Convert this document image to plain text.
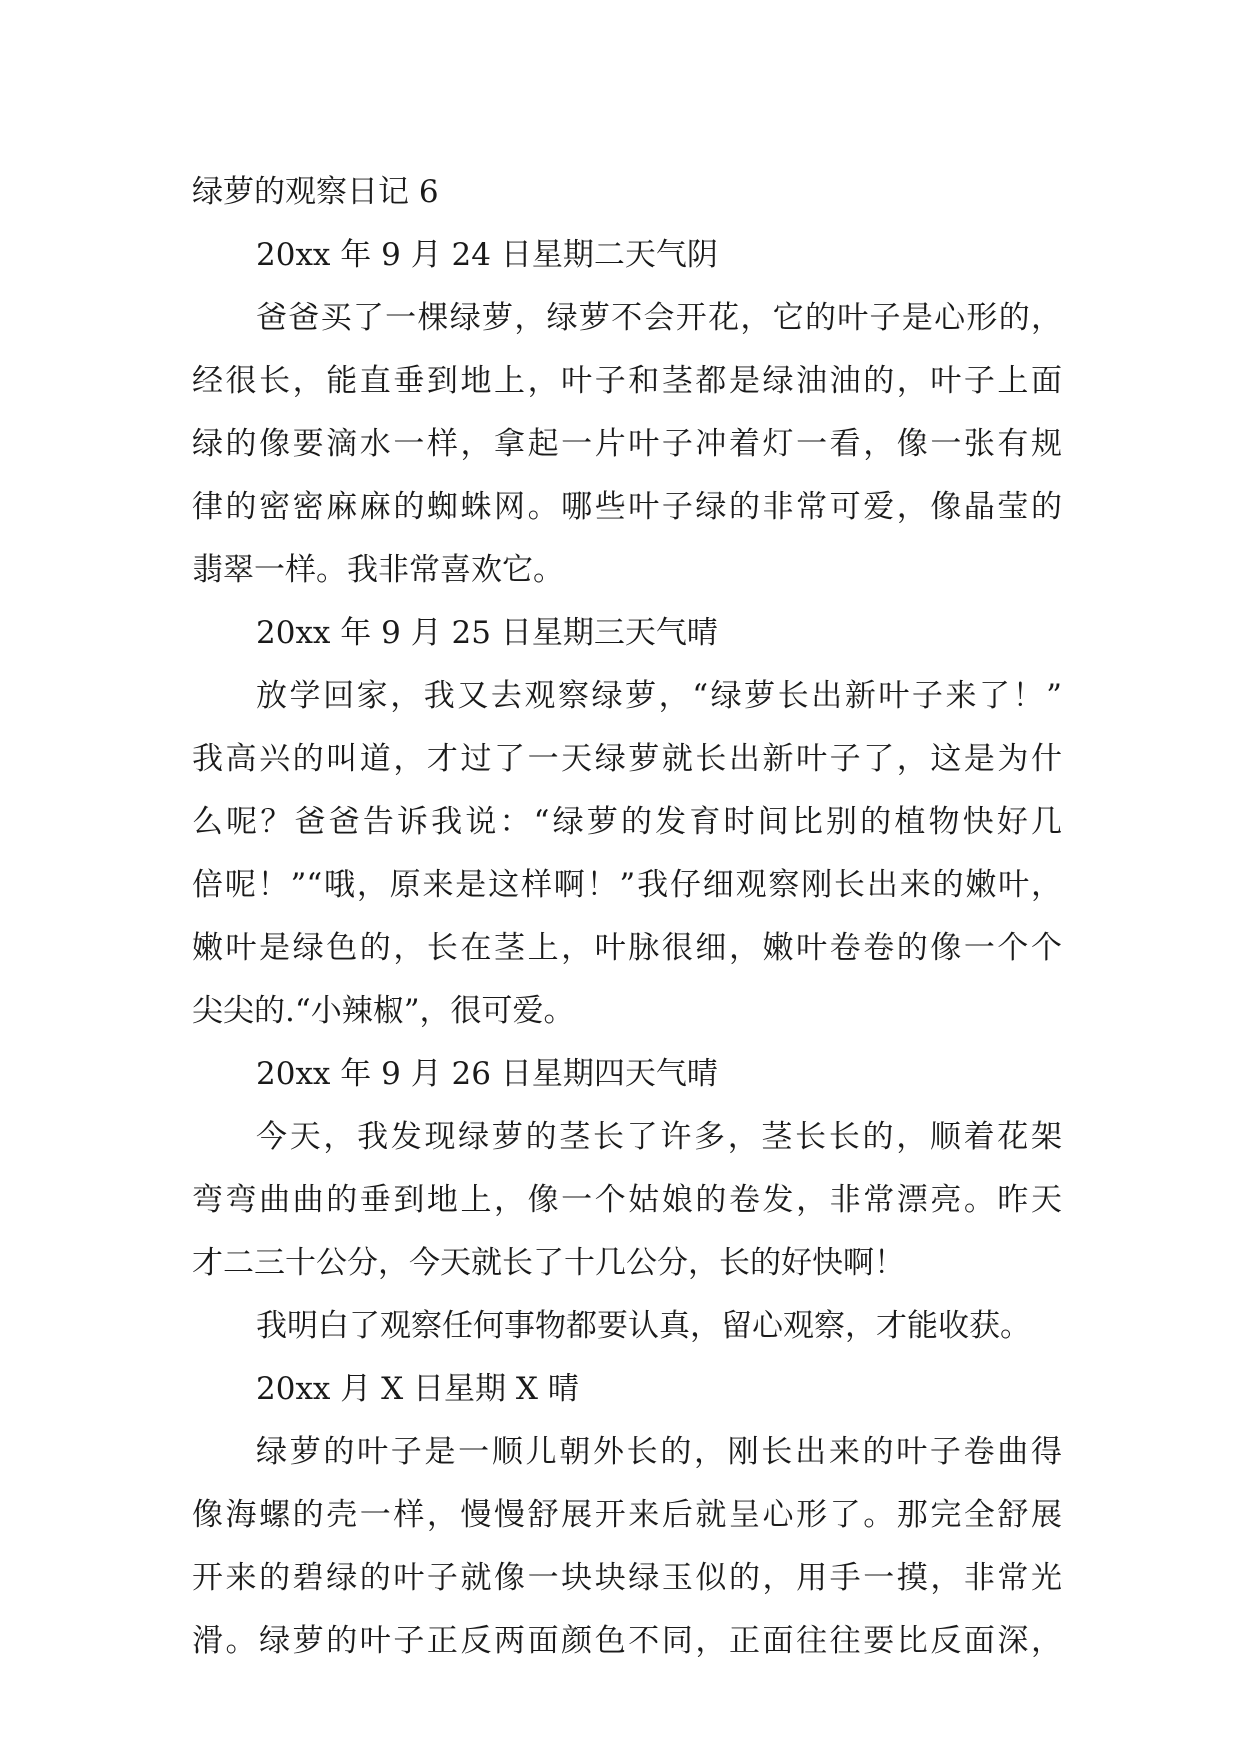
绿萝的观察日记 6
20xx 年 9 月 24 日星期二天气阴
爸爸买了一棵绿萝，绿萝不会开花，它的叶子是心形的，
经很长，能直垂到地上，叶子和茎都是绿油油的，叶子上面
绿的像要滴水一样，拿起一片叶子冲着灯一看，像一张有规
律的密密麻麻的蜘蛛网。哪些叶子绿的非常可爱，像晶莹的
翡翠一样。我非常喜欢它。
20xx 年 9 月 25 日星期三天气晴
放学回家，我又去观察绿萝，“绿萝长出新叶子来了！”
我高兴的叫道，才过了一天绿萝就长出新叶子了，这是为什
么呢？爸爸告诉我说：“绿萝的发育时间比别的植物快好几
倍呢！”“哦，原来是这样啊！”我仔细观察刚长出来的嫩叶，
嫩叶是绿色的，长在茎上，叶脉很细，嫩叶卷卷的像一个个
尖尖的.“小辣椒”，很可爱。
20xx 年 9 月 26 日星期四天气晴
今天，我发现绿萝的茎长了许多，茎长长的，顺着花架
弯弯曲曲的垂到地上，像一个姑娘的卷发，非常漂亮。昨天
才二三十公分，今天就长了十几公分，长的好快啊！
我明白了观察任何事物都要认真，留心观察，才能收获。
20xx 月 X 日星期 X 晴
绿萝的叶子是一顺儿朝外长的，刚长出来的叶子卷曲得
像海螺的壳一样，慢慢舒展开来后就呈心形了。那完全舒展
开来的碧绿的叶子就像一块块绿玉似的，用手一摸，非常光
滑。绿萝的叶子正反两面颜色不同，正面往往要比反面深，
